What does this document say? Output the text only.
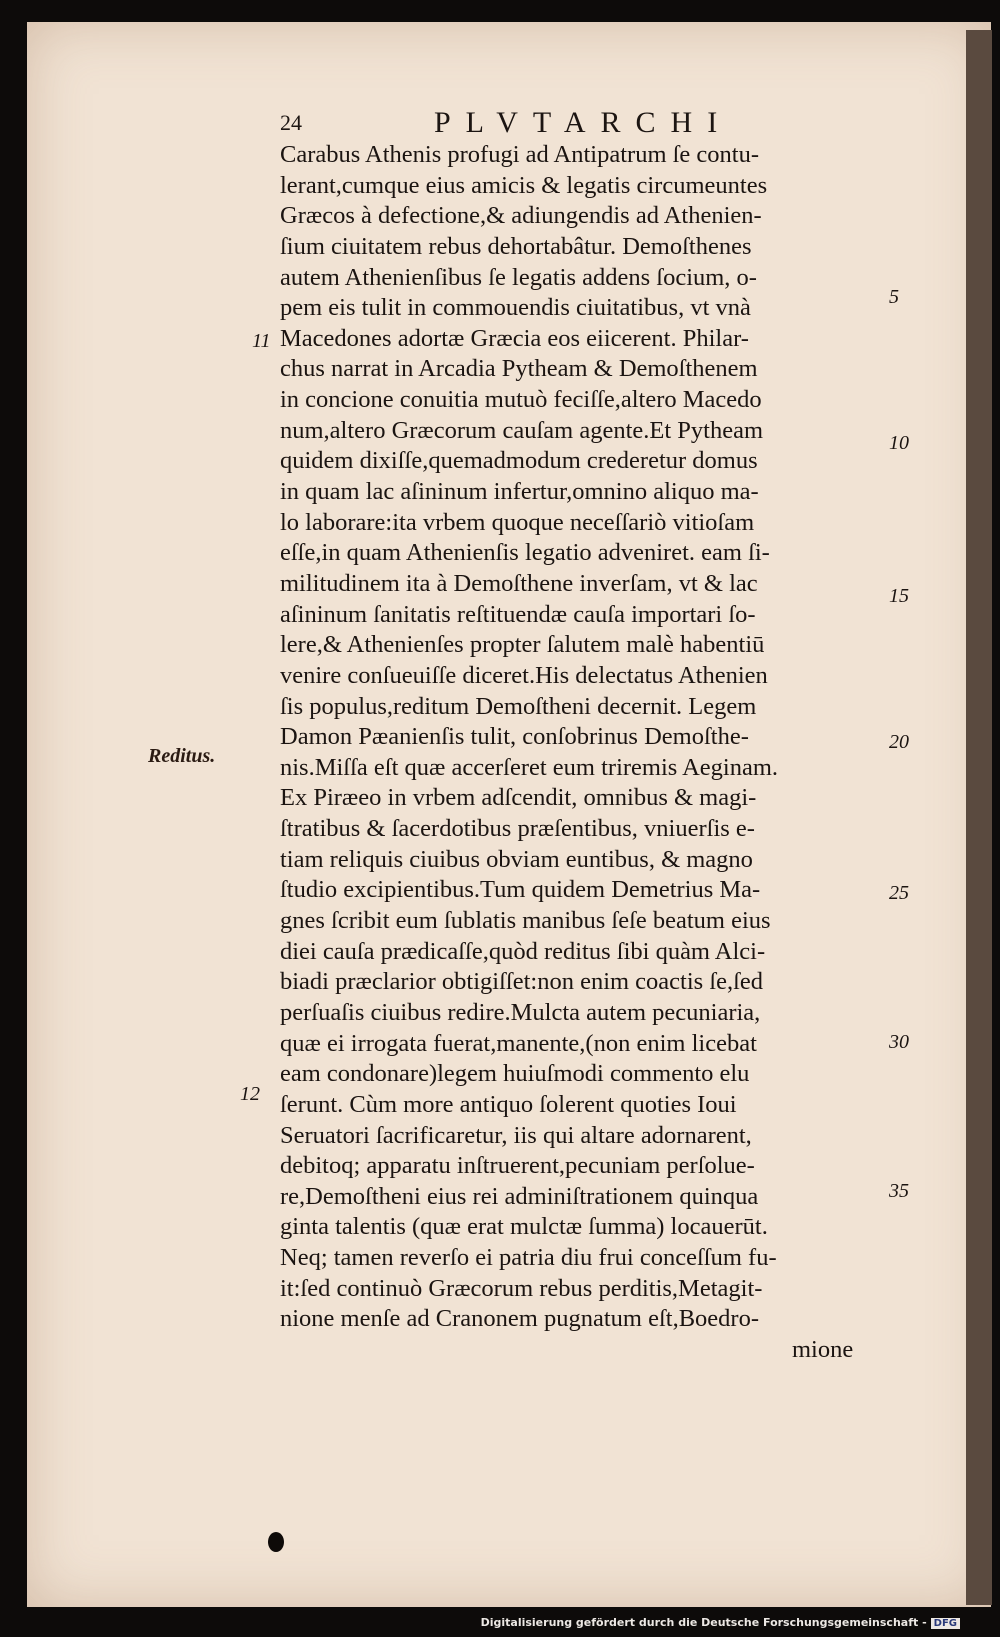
24	PLVTARCHI
Carabus Athenis profugi ad Antipatrum ſe contu-
lerant,cumque eius amicis & legatis circumeuntes
Græcos à defectione,& adiungendis ad Athenien-
ſium ciuitatem rebus dehortabâtur. Demoſthenes
autem Athenienſibus ſe legatis addens ſocium, o-
pem eis tulit in commouendis ciuitatibus, vt vnà
Macedones adortæ Græcia eos eiicerent. Philar-
chus narrat in Arcadia Pytheam & Demoſthenem
in concione conuitia mutuò feciſſe,altero Macedo
num,altero Græcorum cauſam agente.Et Pytheam
quidem dixiſſe,quemadmodum crederetur domus
in quam lac aſininum infertur,omnino aliquo ma-
lo laborare:ita vrbem quoque neceſſariò vitioſam
eſſe,in quam Athenienſis legatio adveniret. eam ſi-
militudinem ita à Demoſthene inverſam, vt & lac
aſininum ſanitatis reſtituendæ cauſa importari ſo-
lere,& Athenienſes propter ſalutem malè habentiū
venire conſueuiſſe diceret.His delectatus Athenien
ſis populus,reditum Demoſtheni decernit. Legem
Damon Pæanienſis tulit, conſobrinus Demoſthe-
nis.Miſſa eſt quæ accerſeret eum triremis Aeginam.
Ex Piræeo in vrbem adſcendit, omnibus & magi-
ſtratibus & ſacerdotibus præſentibus, vniuerſis e-
tiam reliquis ciuibus obviam euntibus, & magno
ſtudio excipientibus.Tum quidem Demetrius Ma-
gnes ſcribit eum ſublatis manibus ſeſe beatum eius
diei cauſa prædicaſſe,quòd reditus ſibi quàm Alci-
biadi præclarior obtigiſſet:non enim coactis ſe,ſed
perſuaſis ciuibus redire.Mulcta autem pecuniaria,
quæ ei irrogata fuerat,manente,(non enim licebat
eam condonare)legem huiuſmodi commento elu
ſerunt. Cùm more antiquo ſolerent quoties Ioui
Seruatori ſacrificaretur, iis qui altare adornarent,
debitoq; apparatu inſtruerent,pecuniam perſolue-
re,Demoſtheni eius rei adminiſtrationem quinqua
ginta talentis (quæ erat mulctæ ſumma) locauerūt.
Neq; tamen reverſo ei patria diu frui conceſſum fu-
it:ſed continuò Græcorum rebus perditis,Metagit-
nione menſe ad Cranonem pugnatum eſt,Boedro-
mione
11
12
5
10
15
20
25
30
35
Reditus.
Digitalisierung gefördert durch die Deutsche Forschungsgemeinschaft - DFG
